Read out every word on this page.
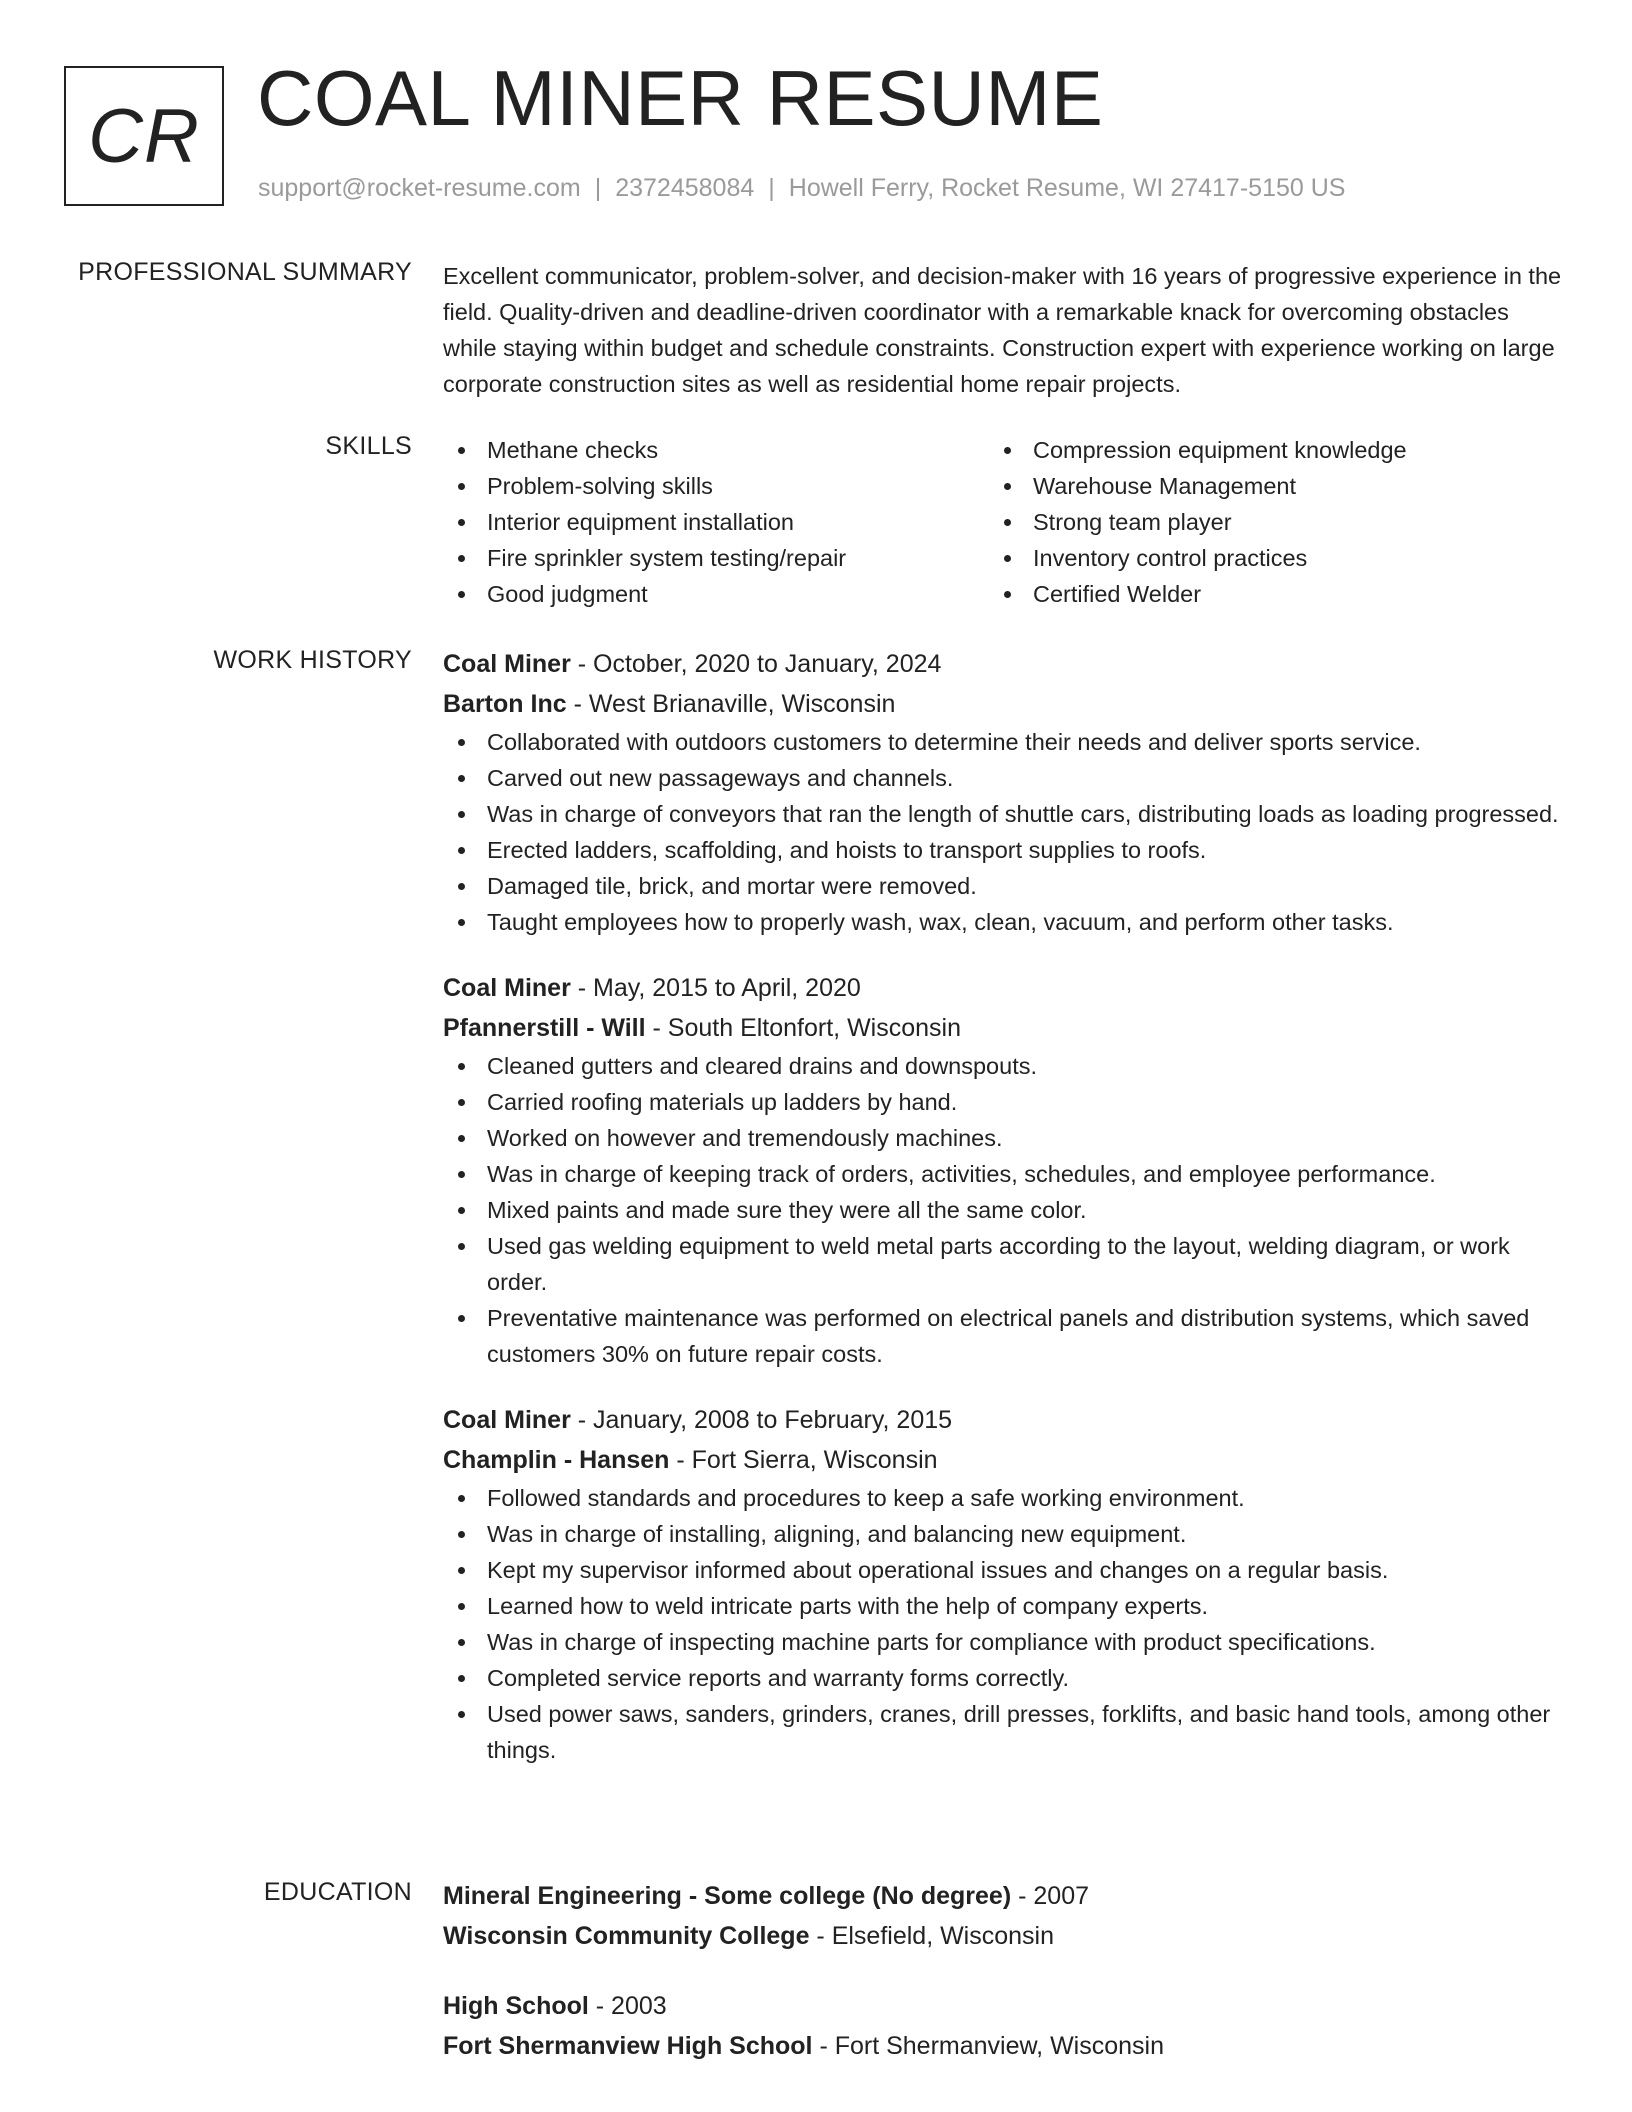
CR COAL MINER RESUME
support@rocket-resume.com | 2372458084 | Howell Ferry, Rocket Resume, WI 27417-5150 US
PROFESSIONAL SUMMARY Excellent communicator, problem-solver, and decision-maker with 16 years of progressive experience in the field. Quality-driven and deadline-driven coordinator with a remarkable knack for overcoming obstacles while staying within budget and schedule constraints. Construction expert with experience working on large corporate construction sites as well as residential home repair projects.

SKILLS	Methane checks
Problem-solving skills
Interior equipment installation
Fire sprinkler system testing/repair
Good judgment
Compression equipment knowledge
Warehouse Management
Strong team player
Inventory control practices
Certified Welder
WORK HISTORY Coal Miner - October, 2020 to January, 2024
Barton Inc - West Brianaville, Wisconsin
Collaborated with outdoors customers to determine their needs and deliver sports service.
Carved out new passageways and channels.
Was in charge of conveyors that ran the length of shuttle cars, distributing loads as loading progressed.
Erected ladders, scaffolding, and hoists to transport supplies to roofs.
Damaged tile, brick, and mortar were removed.
Taught employees how to properly wash, wax, clean, vacuum, and perform other tasks.
Coal Miner - May, 2015 to April, 2020
Pfannerstill - Will - South Eltonfort, Wisconsin
Cleaned gutters and cleared drains and downspouts.
Carried roofing materials up ladders by hand.
Worked on however and tremendously machines.
Was in charge of keeping track of orders, activities, schedules, and employee performance.
Mixed paints and made sure they were all the same color.
Used gas welding equipment to weld metal parts according to the layout, welding diagram, or work order.
Preventative maintenance was performed on electrical panels and distribution systems, which saved customers 30% on future repair costs.
Coal Miner - January, 2008 to February, 2015
Champlin - Hansen - Fort Sierra, Wisconsin
Followed standards and procedures to keep a safe working environment.
Was in charge of installing, aligning, and balancing new equipment.
Kept my supervisor informed about operational issues and changes on a regular basis.
Learned how to weld intricate parts with the help of company experts.
Was in charge of inspecting machine parts for compliance with product specifications.
Completed service reports and warranty forms correctly.
Used power saws, sanders, grinders, cranes, drill presses, forklifts, and basic hand tools, among other things.
EDUCATION Mineral Engineering - Some college (No degree) - 2007
Wisconsin Community College - Elsefield, Wisconsin
High School - 2003
Fort Shermanview High School - Fort Shermanview, Wisconsin
